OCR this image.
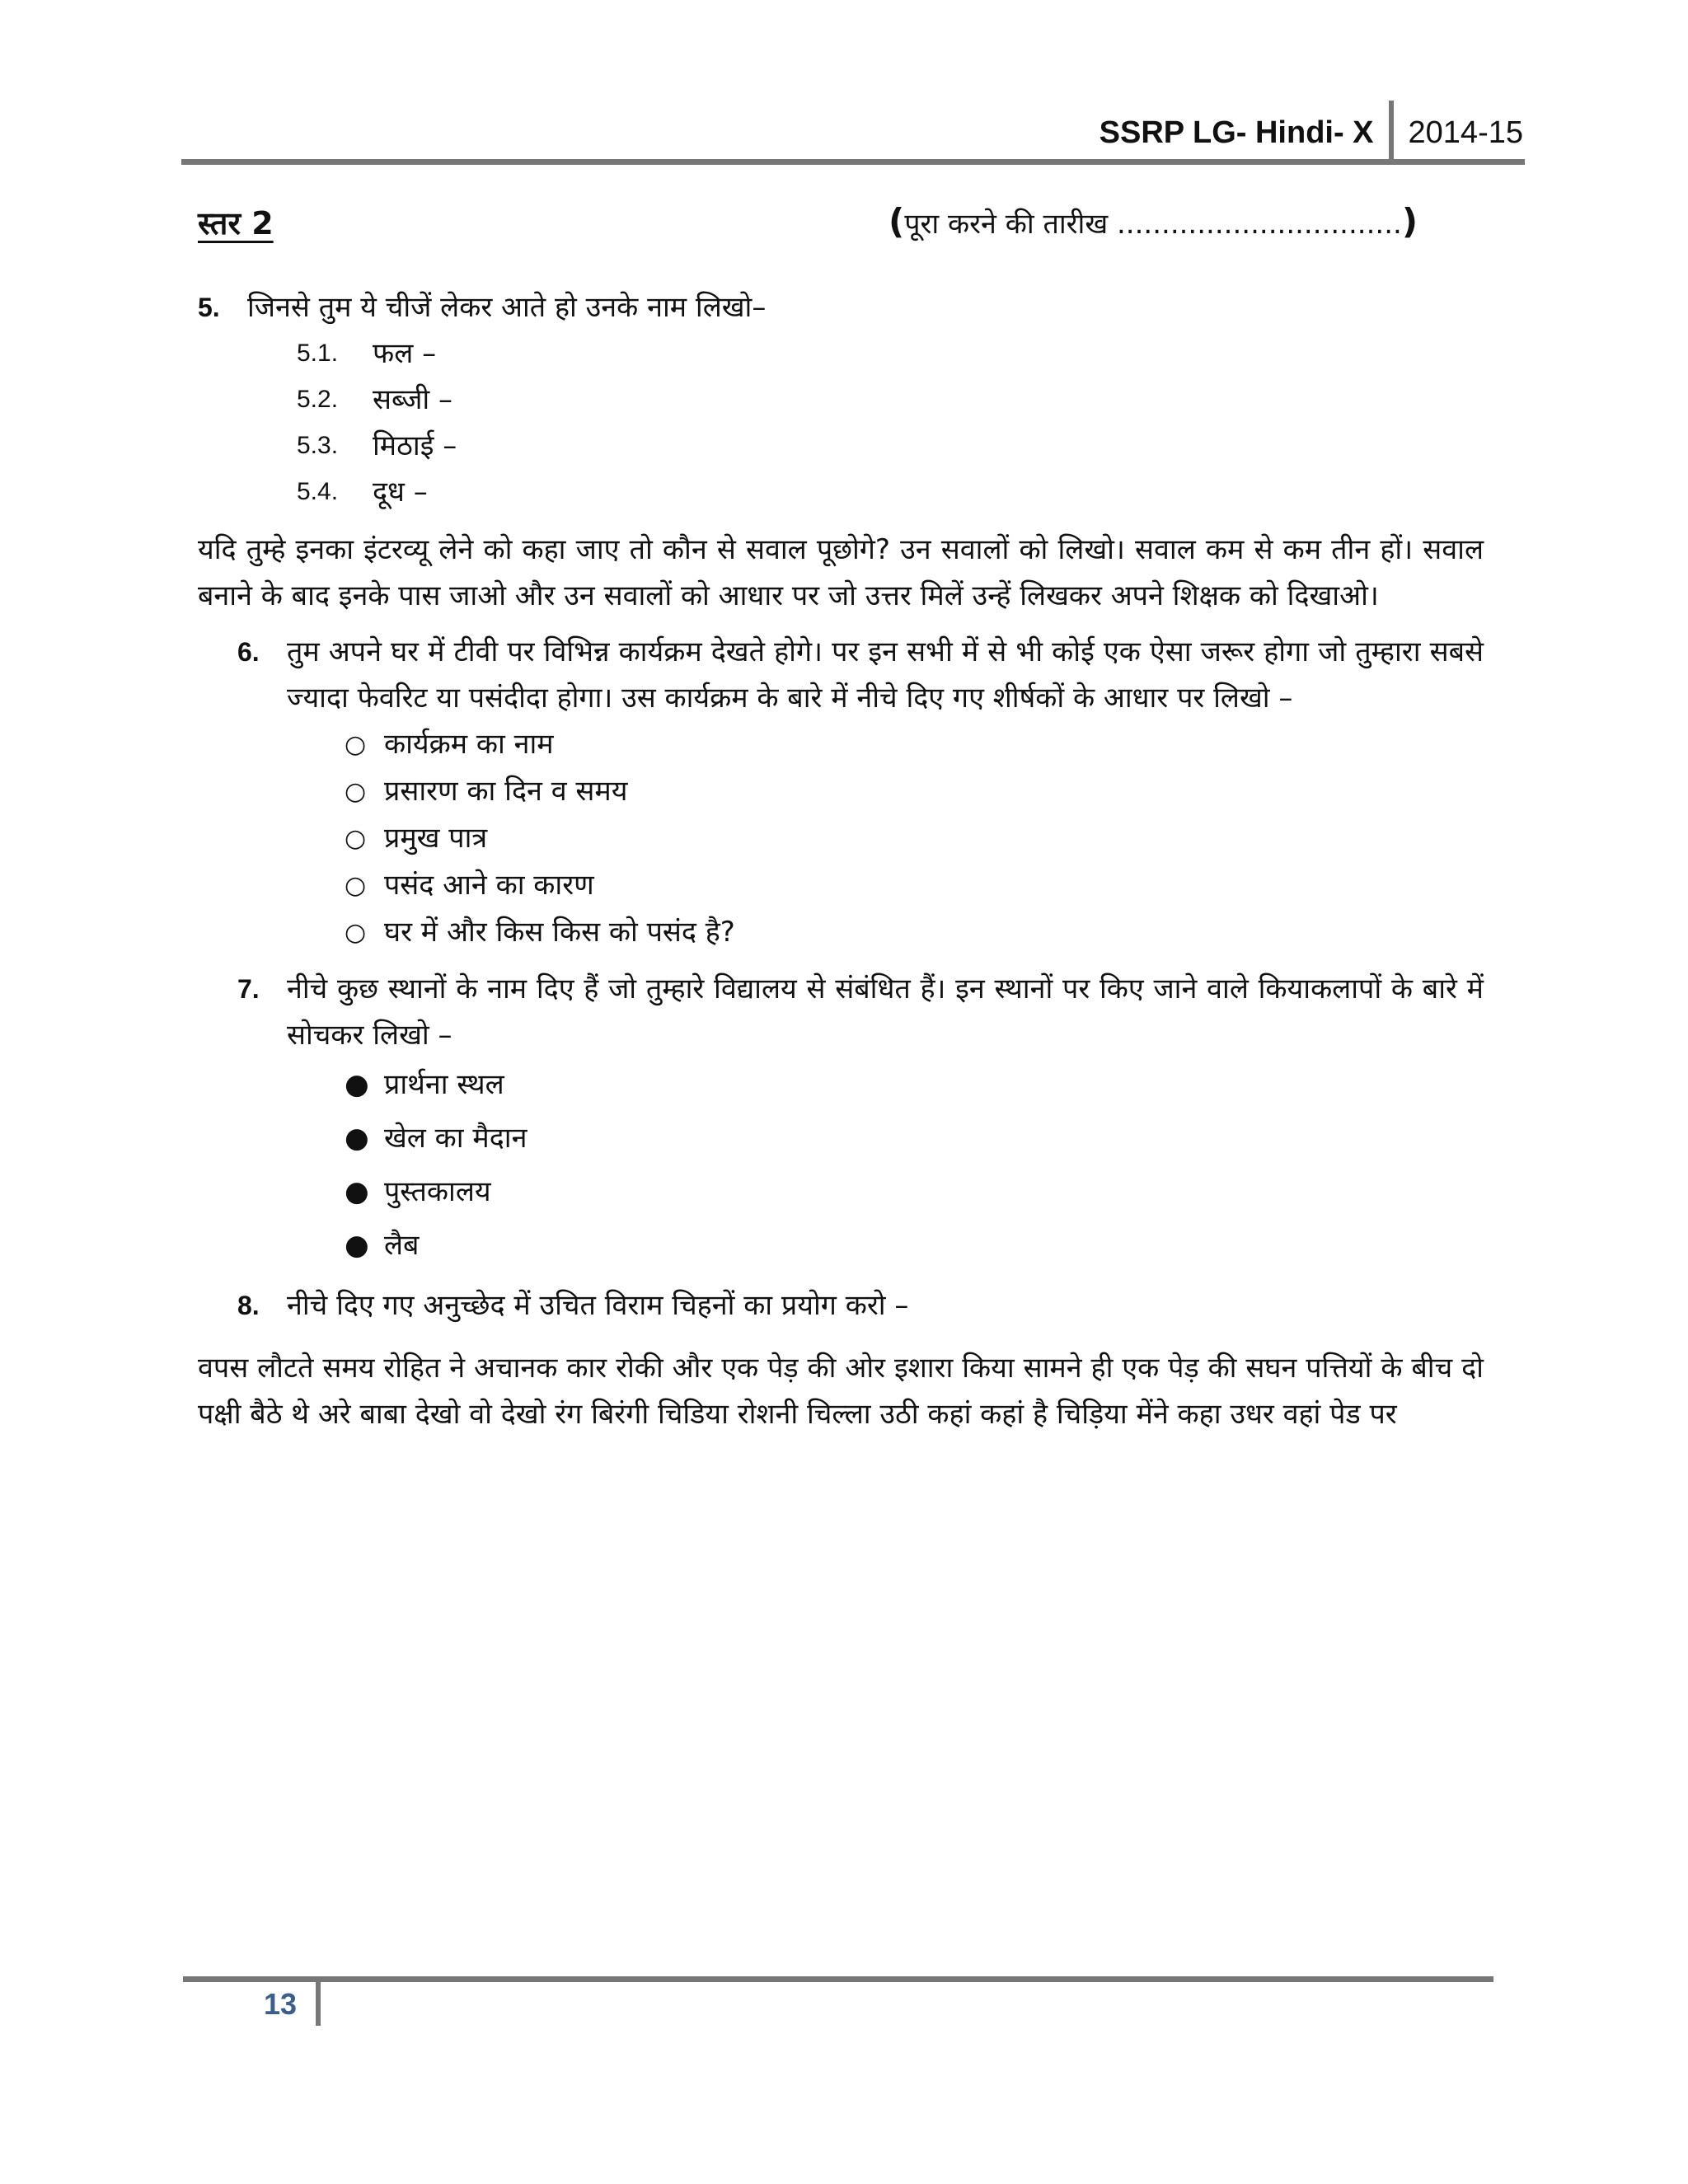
SSRP LG- Hindi- X	2014-15
स्तर 2	(पूरा करने की तारीख ................................)
5. जिनसे तुम ये चीजें लेकर आते हो उनके नाम लिखो–
5.1.	फल –
5.2.	सब्जी –
5.3.	मिठाई –
5.4.	दूध –
यदि तुम्हे इनका इंटरव्यू लेने को कहा जाए तो कौन से सवाल पूछोगे? उन सवालों को लिखो। सवाल कम से कम तीन हों। सवाल बनाने के बाद इनके पास जाओ और उन सवालों को आधार पर जो उत्तर मिलें उन्हें लिखकर अपने शिक्षक को दिखाओ।
6. तुम अपने घर में टीवी पर विभिन्न कार्यक्रम देखते होगे। पर इन सभी में से भी कोई एक ऐसा जरूर होगा जो तुम्हारा सबसे ज्यादा फेवरिट या पसंदीदा होगा। उस कार्यक्रम के बारे में नीचे दिए गए शीर्षकों के आधार पर लिखो –
○ कार्यक्रम का नाम
○ प्रसारण का दिन व समय
○ प्रमुख पात्र
○ पसंद आने का कारण
○ घर में और किस किस को पसंद है?
7. नीचे कुछ स्थानों के नाम दिए हैं जो तुम्हारे विद्यालय से संबंधित हैं। इन स्थानों पर किए जाने वाले कियाकलापों के बारे में सोचकर लिखो –
● प्रार्थना स्थल
● खेल का मैदान
● पुस्तकालय
● लैब
8. नीचे दिए गए अनुच्छेद में उचित विराम चिहनों का प्रयोग करो –
वपस लौटते समय रोहित ने अचानक कार रोकी और एक पेड़ की ओर इशारा किया सामने ही एक पेड़ की सघन पत्तियों के बीच दो पक्षी बैठे थे अरे बाबा देखो वो देखो रंग बिरंगी चिडिया रोशनी चिल्ला उठी कहां कहां है चिड़िया मेंने कहा उधर वहां पेड पर
13
